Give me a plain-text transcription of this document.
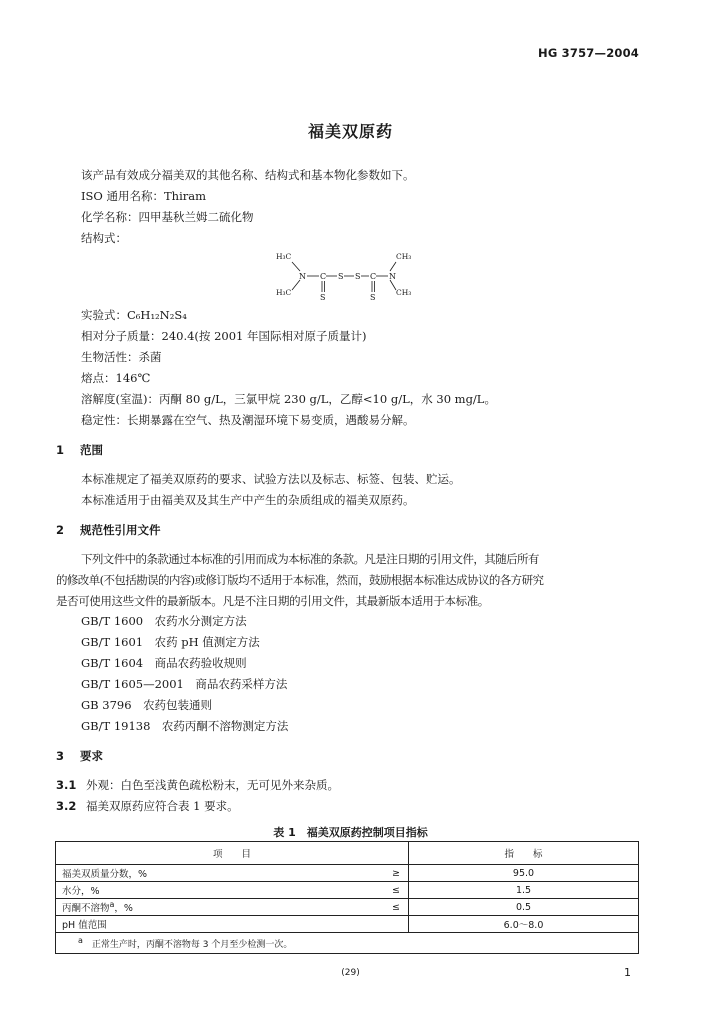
HG 3757—2004
福美双原药
该产品有效成分福美双的其他名称、结构式和基本物化参数如下。
ISO 通用名称：Thiram
化学名称：四甲基秋兰姆二硫化物
结构式：
H₃C	CH₃
H₃C	CH₃
N C S S C N
S	S
实验式：C₆H₁₂N₂S₄
相对分子质量：240.4(按 2001 年国际相对原子质量计)
生物活性：杀菌
熔点：146℃
溶解度(室温)：丙酮 80 g/L，三氯甲烷 230 g/L，乙醇<10 g/L，水 30 mg/L。
稳定性：长期暴露在空气、热及潮湿环境下易变质，遇酸易分解。
1 范围
本标准规定了福美双原药的要求、试验方法以及标志、标签、包装、贮运。
本标准适用于由福美双及其生产中产生的杂质组成的福美双原药。
2 规范性引用文件
下列文件中的条款通过本标准的引用而成为本标准的条款。凡是注日期的引用文件，其随后所有
的修改单(不包括勘误的内容)或修订版均不适用于本标准，然而，鼓励根据本标准达成协议的各方研究
是否可使用这些文件的最新版本。凡是不注日期的引用文件，其最新版本适用于本标准。
GB/T 1600　 农药水分测定方法
GB/T 1601　 农药 pH 值测定方法
GB/T 1604　 商品农药验收规则
GB/T 1605—2001　 商品农药采样方法
GB 3796　 农药包装通则
GB/T 19138　 农药丙酮不溶物测定方法
3 要求
3.1 外观：白色至浅黄色疏松粉末，无可见外来杂质。
3.2 福美双原药应符合表 1 要求。
表 1　福美双原药控制项目指标
项　　目		指　　标
福美双质量分数，%	≥	95.0
水分，%	≤	1.5
丙酮不溶物$^a$，%	≤	0.5
pH 值范围		6.0～8.0
$^a$　 正常生产时，丙酮不溶物每 3 个月至少检测一次。		
(29)	1
